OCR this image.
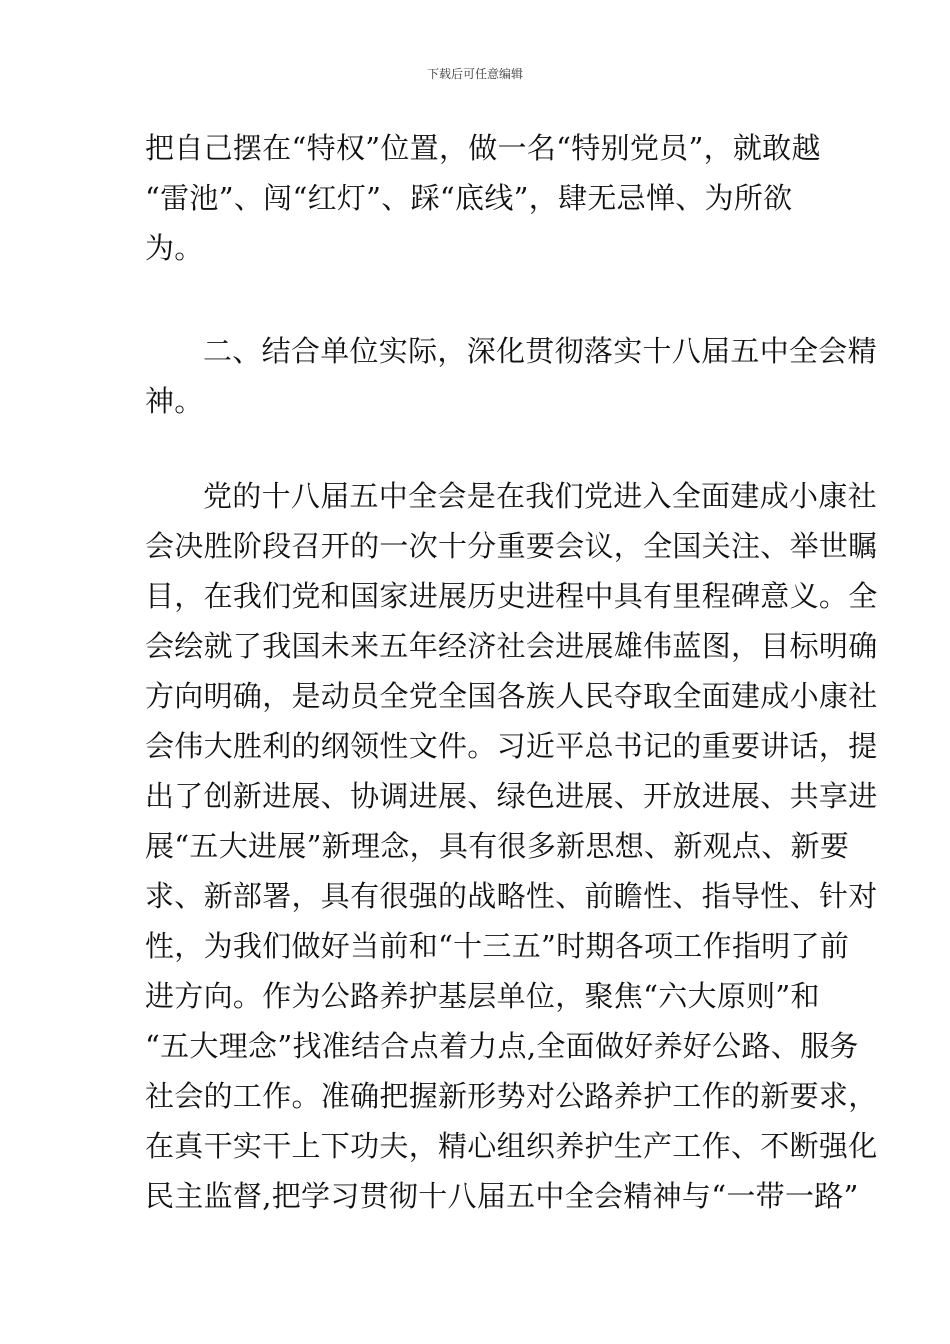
下载后可任意编辑
把自己摆在“特权”位置，做一名“特别党员”，就敢越
“雷池”、闯“红灯”、踩“底线”，肆无忌惮、为所欲
为。
二、结合单位实际，深化贯彻落实十八届五中全会精
神。
党的十八届五中全会是在我们党进入全面建成小康社
会决胜阶段召开的一次十分重要会议，全国关注、举世瞩
目，在我们党和国家进展历史进程中具有里程碑意义。全
会绘就了我国未来五年经济社会进展雄伟蓝图，目标明确
方向明确，是动员全党全国各族人民夺取全面建成小康社
会伟大胜利的纲领性文件。习近平总书记的重要讲话，提
出了创新进展、协调进展、绿色进展、开放进展、共享进
展“五大进展”新理念，具有很多新思想、新观点、新要
求、新部署，具有很强的战略性、前瞻性、指导性、针对
性，为我们做好当前和“十三五”时期各项工作指明了前
进方向。作为公路养护基层单位，聚焦“六大原则”和
“五大理念”找准结合点着力点,全面做好养好公路、服务
社会的工作。准确把握新形势对公路养护工作的新要求，
在真干实干上下功夫，精心组织养护生产工作、不断强化
民主监督,把学习贯彻十八届五中全会精神与“一带一路”
